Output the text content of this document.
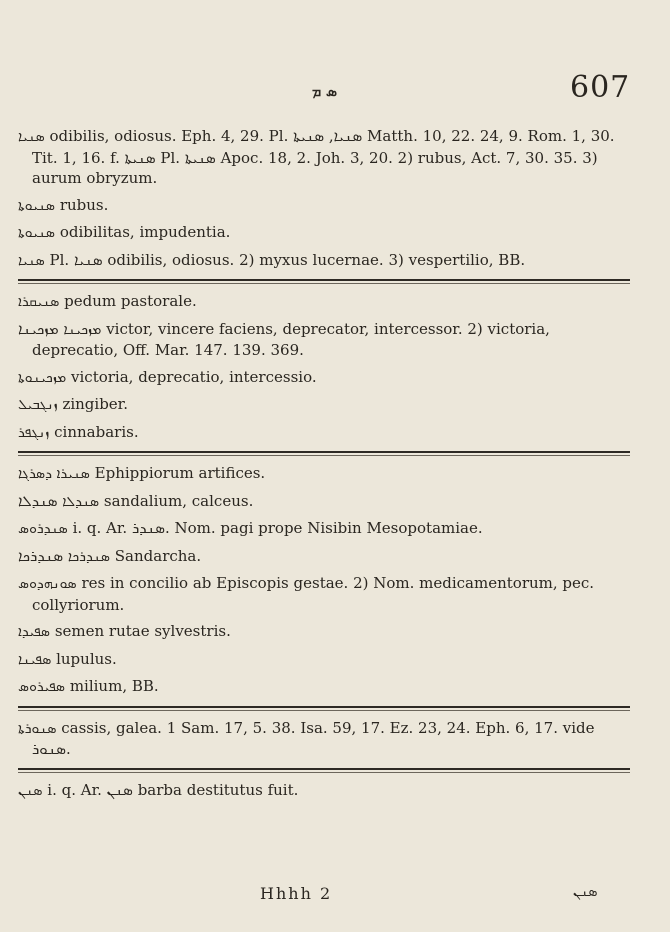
ܣ ܡ	607
ܣܢܝܐ odibilis, odiosus. Eph. 4, 29. Pl. ܣܢܝܐ, ܣܢܝܬܐ Matth. 10, 22. 24, 9. Rom. 1, 30. Tit. 1, 16. f. ܣܢܝܬܐ Pl. ܣܢܝܬܐ Apoc. 18, 2. Joh. 3, 20. 2) rubus, Act. 7, 30. 35. 3) aurum obryzum.
ܣܢܝܘܬܐ rubus.
ܣܢܝܘܬܐ odibilitas, impudentia.
ܣܢܝܐ Pl. ܣܢܝܐ odibilis, odiosus. 2) myxus lucernae. 3) vespertilio, BB.
ܣܢܝܩܪܐ pedum pastorale.
ܡܙܟܝܢܐ ܡܙܟܝܢܐ victor, vincere faciens, deprecator, intercessor. 2) victoria, deprecatio, Off. Mar. 147. 139. 369.
ܡܙܟܝܢܘܬܐ victoria, deprecatio, intercessio.
ܙܢܓܒܝܠ zingiber.
ܙܢܓܦܪ cinnabaris.
ܣܢܝܪܐ ܕܣܪܓܐ Ephippiorum artifices.
ܣܢܕܠܐ ܣܢܕܠܐ sandalium, calceus.
ܣܢܕܪܘܣ i. q. Ar. ܣܢܕܪ. Nom. pagi prope Nisibin Mesopotamiae.
ܣܢܕܪܟܐ ܣܢܕܪܟܐ Sandarcha.
ܣܘܢܗܕܘܣ res in concilio ab Episcopis gestae. 2) Nom. medicamentorum, pec. collyriorum.
ܣܦܝܕܐ semen rutae sylvestris.
ܣܦܝܢܐ lupulus.
ܣܦܝܪܘܣ milium, BB.
ܣܢܘܪܬܐ cassis, galea. 1 Sam. 17, 5. 38. Isa. 59, 17. Ez. 23, 24. Eph. 6, 17. vide ܣܢܘܪ.
ܣܢܢ i. q. Ar. ܣܢܢ barba destitutus fuit.
Hhhh 2	ܣܢܢ
